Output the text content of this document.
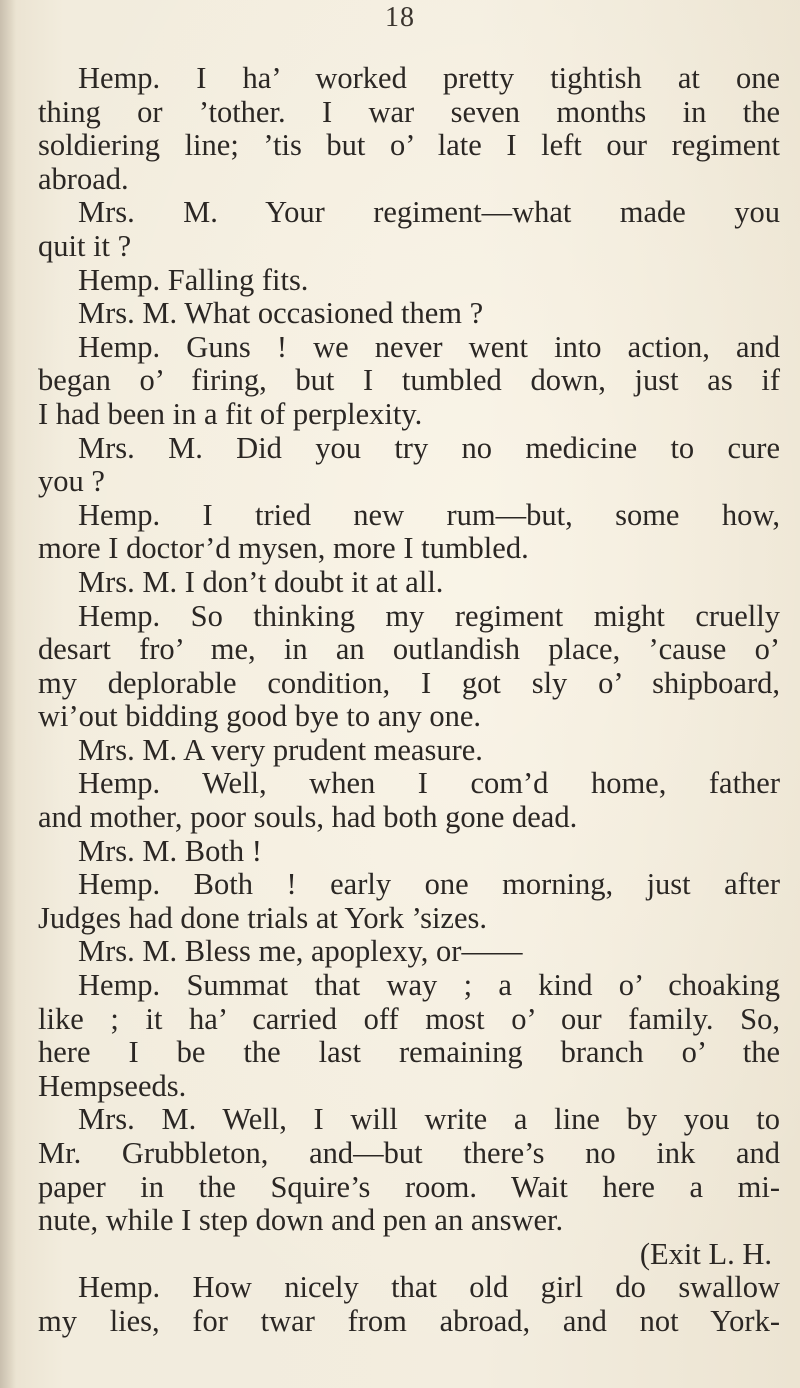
18
Hemp. I ha’ worked pretty tightish at one
thing or ’tother. I war seven months in the
soldiering line; ’tis but o’ late I left our regiment
abroad.
Mrs. M. Your regiment—what made you
quit it ?
Hemp. Falling fits.
Mrs. M. What occasioned them ?
Hemp. Guns ! we never went into action, and
began o’ firing, but I tumbled down, just as if
I had been in a fit of perplexity.
Mrs. M. Did you try no medicine to cure
you ?
Hemp. I tried new rum—but, some how,
more I doctor’d mysen, more I tumbled.
Mrs. M. I don’t doubt it at all.
Hemp. So thinking my regiment might cruelly
desart fro’ me, in an outlandish place, ’cause o’
my deplorable condition, I got sly o’ shipboard,
wi’out bidding good bye to any one.
Mrs. M. A very prudent measure.
Hemp. Well, when I com’d home, father
and mother, poor souls, had both gone dead.
Mrs. M. Both !
Hemp. Both ! early one morning, just after
Judges had done trials at York ’sizes.
Mrs. M. Bless me, apoplexy, or——
Hemp. Summat that way ; a kind o’ choaking
like ; it ha’ carried off most o’ our family. So,
here I be the last remaining branch o’ the
Hempseeds.
Mrs. M. Well, I will write a line by you to
Mr. Grubbleton, and—but there’s no ink and
paper in the Squire’s room. Wait here a mi-
nute, while I step down and pen an answer.
(Exit L. H.
Hemp. How nicely that old girl do swallow
my lies, for twar from abroad, and not York-
